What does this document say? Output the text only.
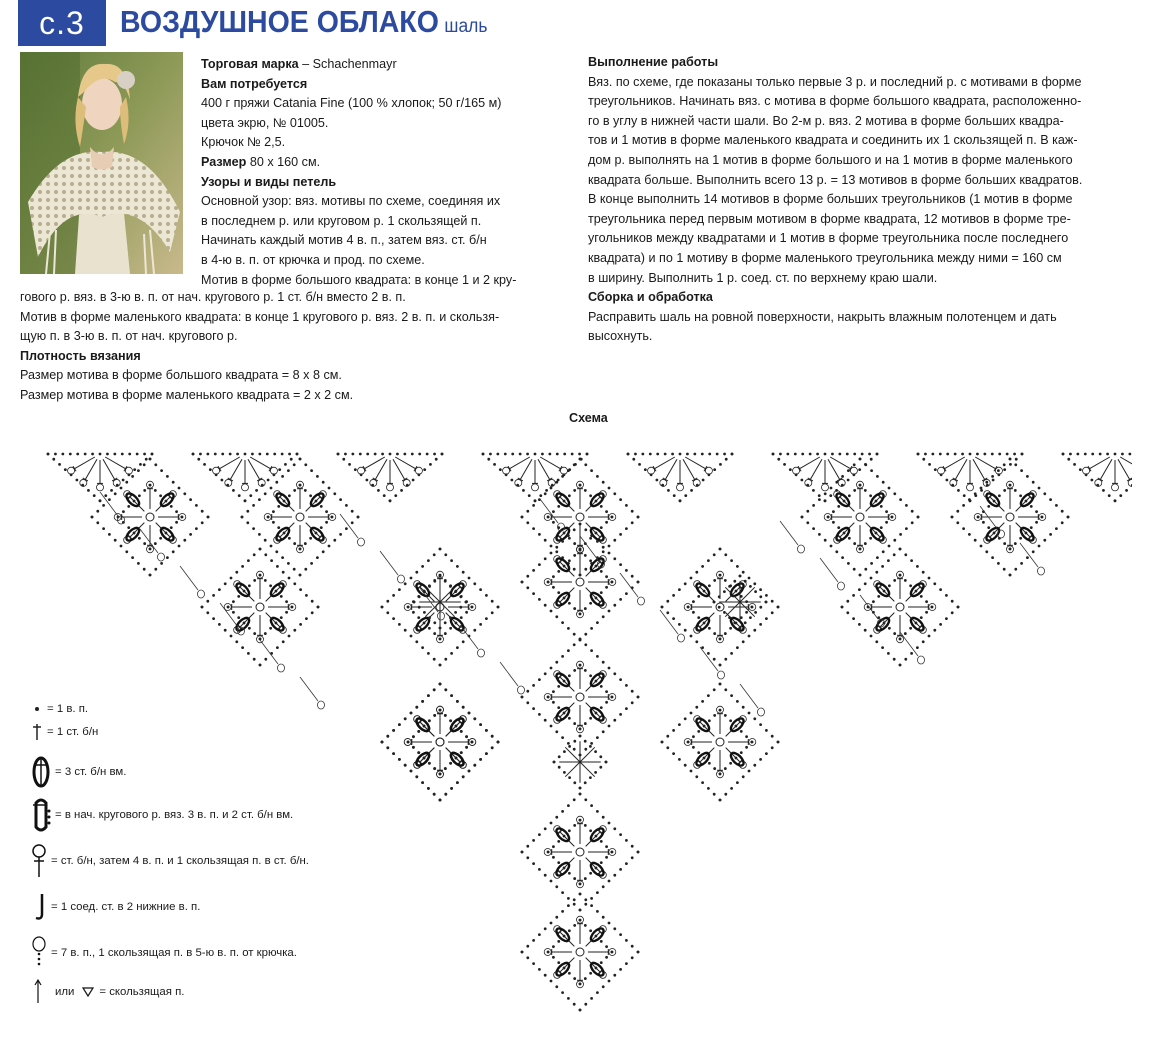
с.3	ВОЗДУШНОЕ ОБЛАКО шаль
Торговая марка – Schachenmayr
Вам потребуется
400 г пряжи Catania Fine (100 % хлопок; 50 г/165 м)
цвета экрю, № 01005.
Крючок № 2,5.
Размер 80 х 160 см.
Узоры и виды петель
Основной узор: вяз. мотивы по схеме, соединяя их
в последнем р. или круговом р. 1 скользящей п.
Начинать каждый мотив 4 в. п., затем вяз. ст. б/н
в 4-ю в. п. от крючка и прод. по схеме.
Мотив в форме большого квадрата: в конце 1 и 2 кру-
гового р. вяз. в 3-ю в. п. от нач. кругового р. 1 ст. б/н вместо 2 в. п.
Мотив в форме маленького квадрата: в конце 1 кругового р. вяз. 2 в. п. и скользя-
щую п. в 3-ю в. п. от нач. кругового р.
Плотность вязания
Размер мотива в форме большого квадрата = 8 х 8 см.
Размер мотива в форме маленького квадрата = 2 х 2 см.
Выполнение работы
Вяз. по схеме, где показаны только первые 3 р. и последний р. с мотивами в форме
треугольников. Начинать вяз. с мотива в форме большого квадрата, расположенно-
го в углу в нижней части шали. Во 2-м р. вяз. 2 мотива в форме больших квадра-
тов и 1 мотив в форме маленького квадрата и соединить их 1 скользящей п. В каж-
дом р. выполнять на 1 мотив в форме большого и на 1 мотив в форме маленького
квадрата больше. Выполнить всего 13 р. = 13 мотивов в форме больших квадратов.
В конце выполнить 14 мотивов в форме больших треугольников (1 мотив в форме
треугольника перед первым мотивом в форме квадрата, 12 мотивов в форме тре-
угольников между квадратами и 1 мотив в форме треугольника после последнего
квадрата) и по 1 мотиву в форме маленького треугольника между ними = 160 см
в ширину. Выполнить 1 р. соед. ст. по верхнему краю шали.
Сборка и обработка
Расправить шаль на ровной поверхности, накрыть влажным полотенцем и дать
высохнуть.
Схема
= 1 в. п.
= 1 ст. б/н
= 3 ст. б/н вм.
= в нач. кругового р. вяз. 3 в. п. и 2 ст. б/н вм.
= ст. б/н, затем 4 в. п. и 1 скользящая п. в ст. б/н.
= 1 соед. ст. в 2 нижние в. п.
= 7 в. п., 1 скользящая п. в 5-ю в. п. от крючка.
или = скользящая п.
